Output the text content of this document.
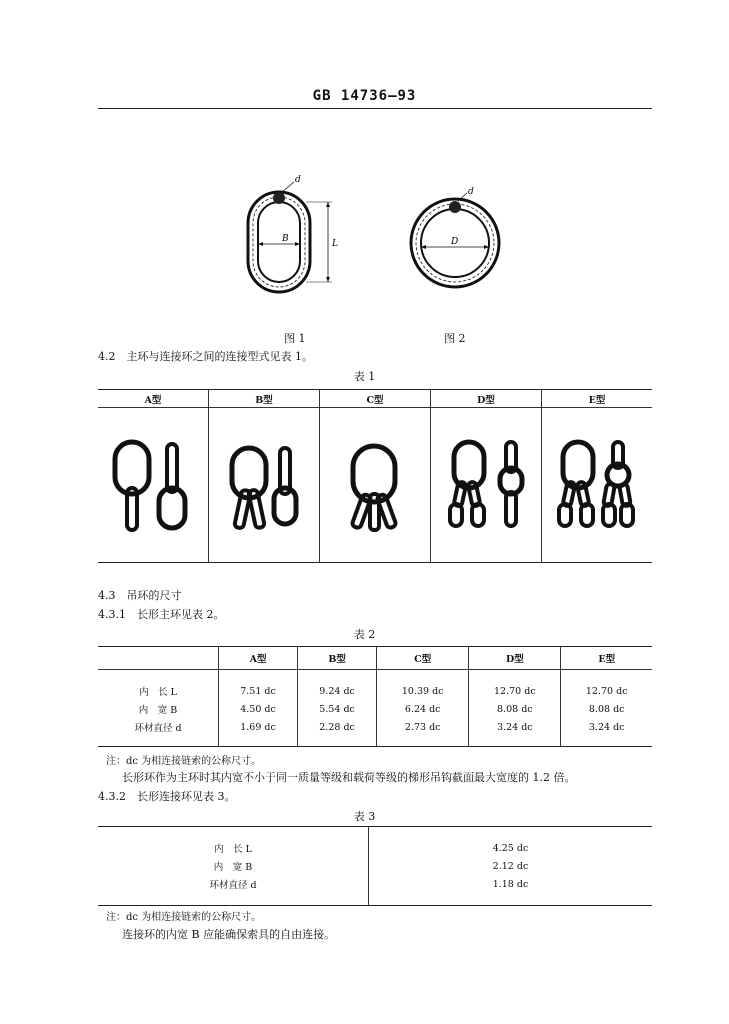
GB 14736—93
d
B	L
d
D
图 1	图 2
4.2　主环与连接环之间的连接型式见表 1。
表 1
A型	B型	C型	D型	E型

4.3　吊环的尺寸
4.3.1　长形主环见表 2。
表 2
	A型	B型	C型	D型	E型
内　长 L	7.51 dc	9.24 dc	10.39 dc	12.70 dc	12.70 dc
内　宽 B	4.50 dc	5.54 dc	6.24 dc	8.08 dc	8.08 dc
环材直径 d	1.69 dc	2.28 dc	2.73 dc	3.24 dc	3.24 dc
注：dc 为相连接链索的公称尺寸。
长形环作为主环时其内宽不小于同一质量等级和载荷等级的梯形吊钩截面最大宽度的 1.2 倍。
4.3.2　长形连接环见表 3。
表 3
内　长 L	4.25 dc
内　宽 B	2.12 dc
环材直径 d	1.18 dc
注：dc 为相连接链索的公称尺寸。
连接环的内宽 B 应能确保索具的自由连接。
